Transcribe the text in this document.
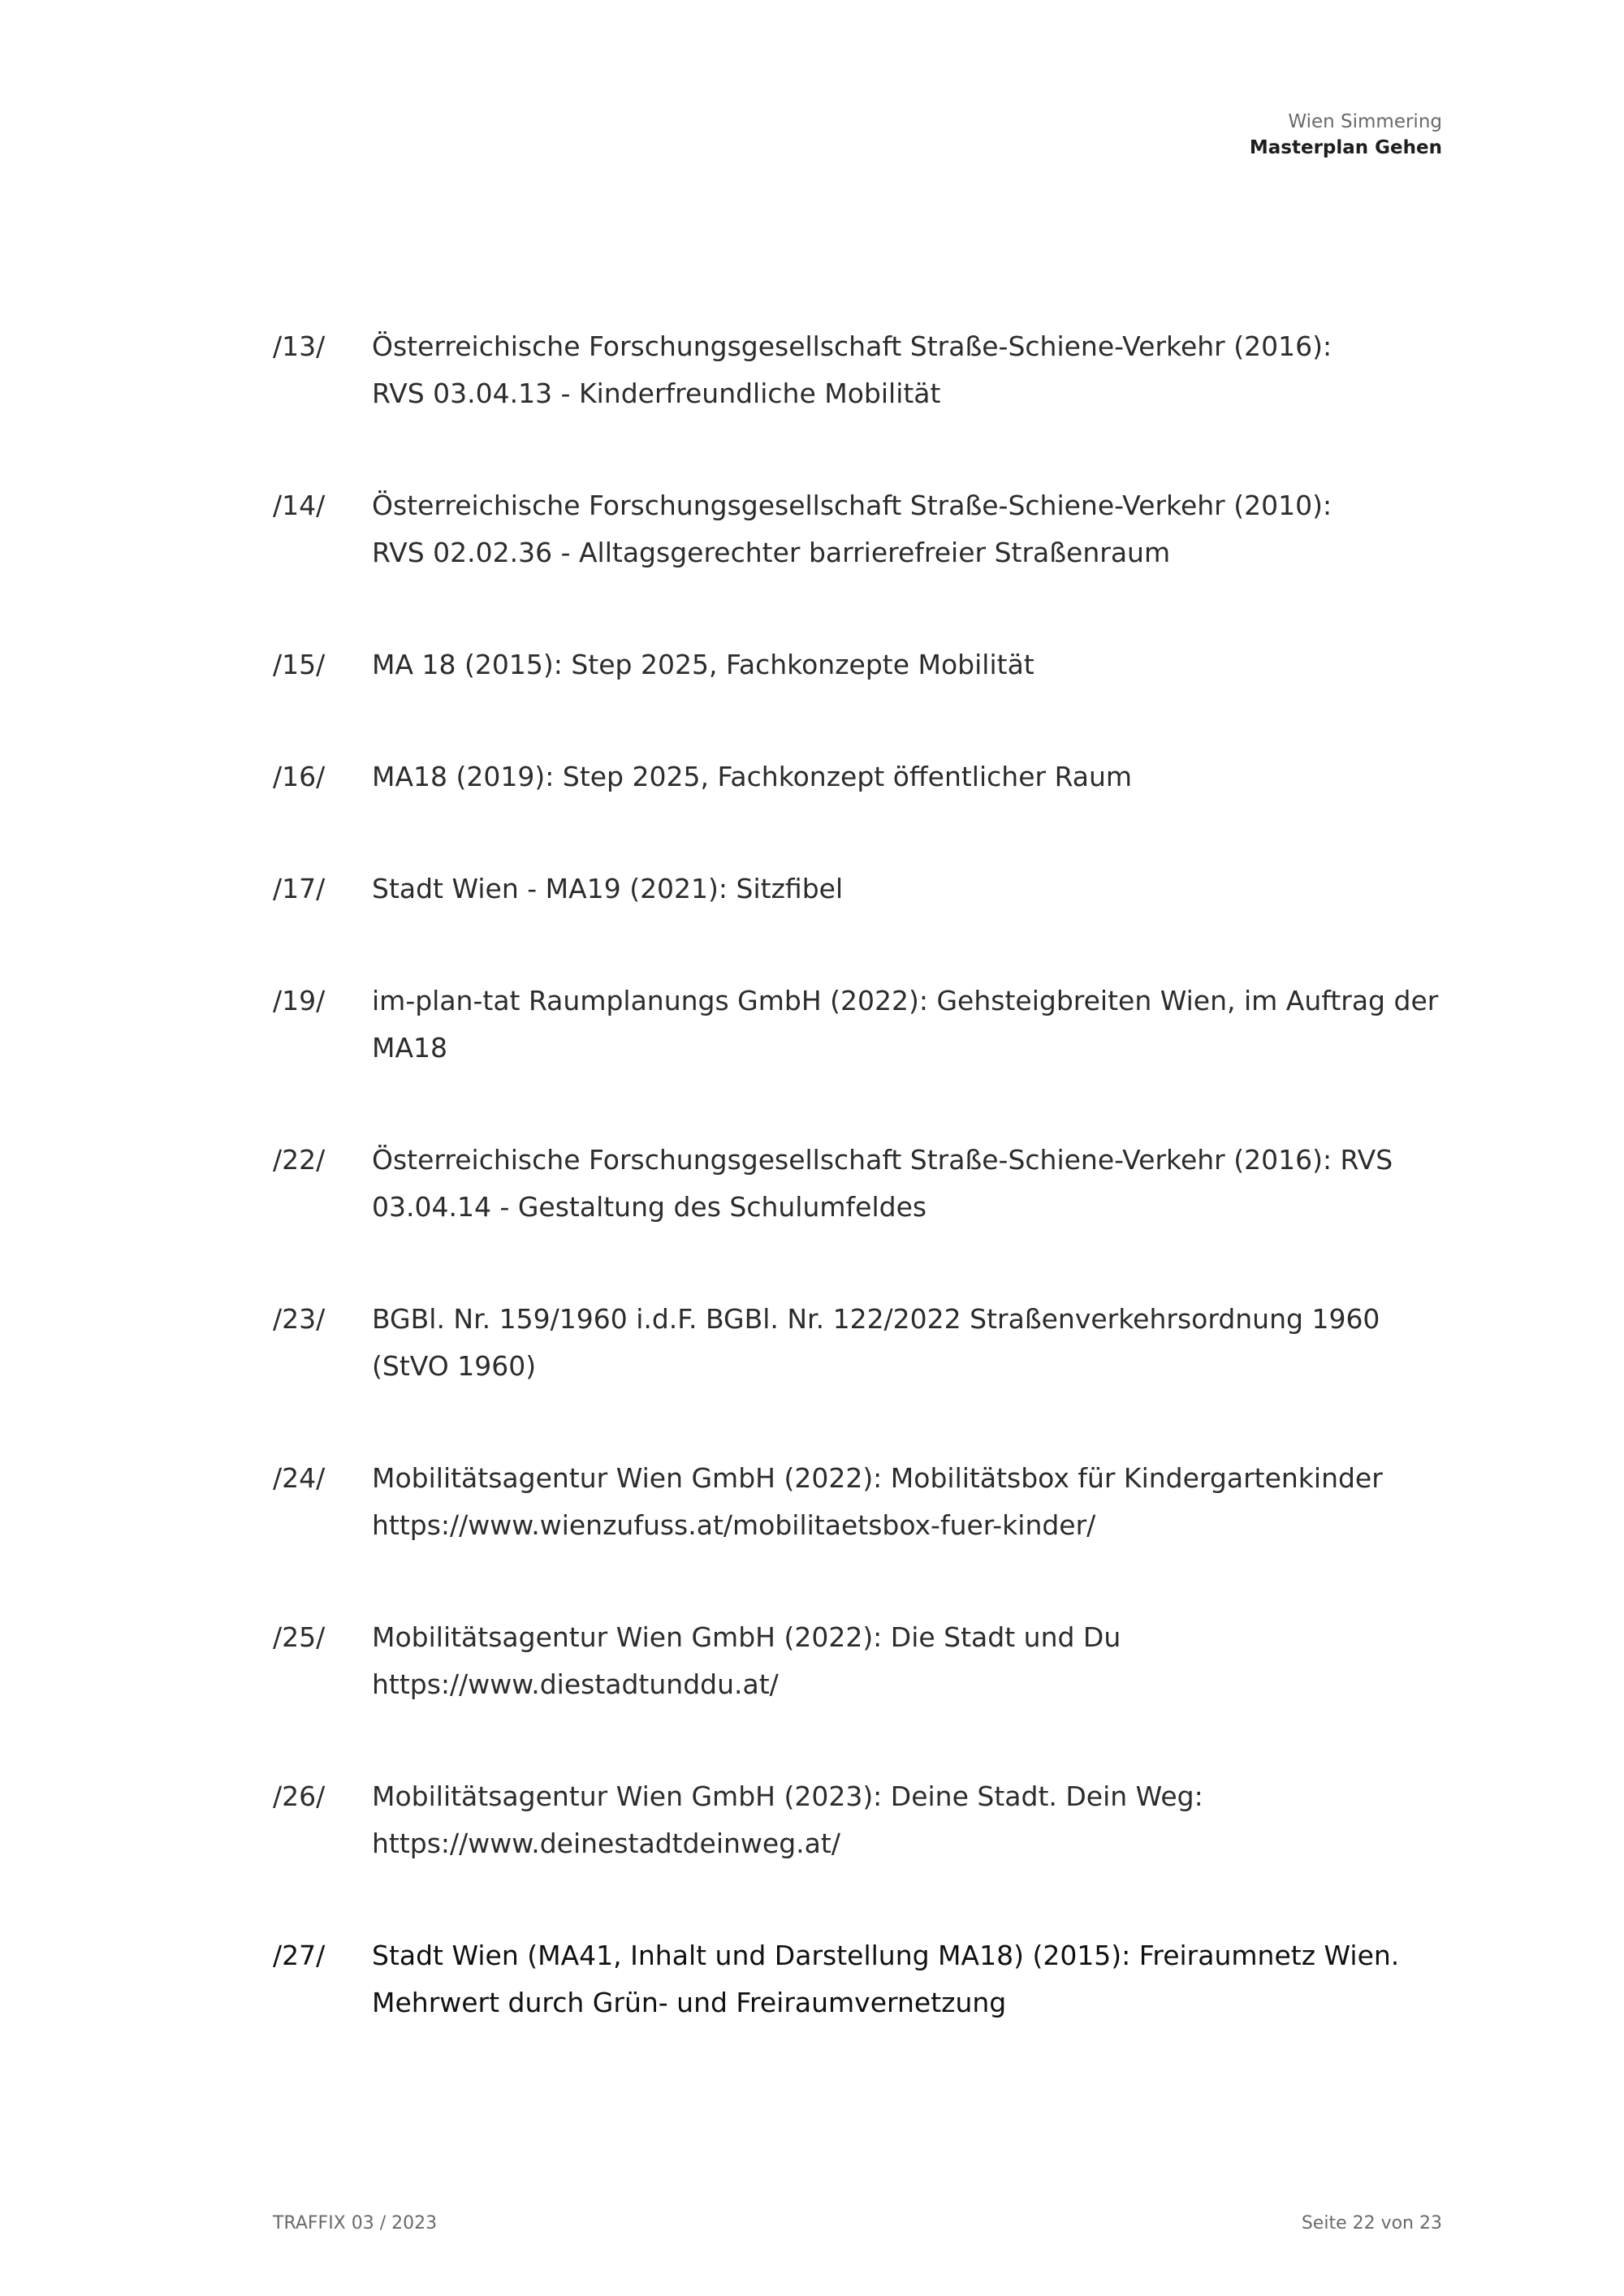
Wien Simmering
Masterplan Gehen
/13/	Österreichische Forschungsgesellschaft Straße-Schiene-Verkehr (2016):
RVS 03.04.13 - Kinderfreundliche Mobilität
/14/	Österreichische Forschungsgesellschaft Straße-Schiene-Verkehr (2010):
RVS 02.02.36 - Alltagsgerechter barrierefreier Straßenraum
/15/	MA 18 (2015): Step 2025, Fachkonzepte Mobilität
/16/	MA18 (2019): Step 2025, Fachkonzept öffentlicher Raum
/17/	Stadt Wien - MA19 (2021): Sitzfibel
/19/	im-plan-tat Raumplanungs GmbH (2022): Gehsteigbreiten Wien, im Auftrag der
MA18
/22/	Österreichische Forschungsgesellschaft Straße-Schiene-Verkehr (2016): RVS
03.04.14 - Gestaltung des Schulumfeldes
/23/	BGBl. Nr. 159/1960 i.d.F. BGBl. Nr. 122/2022 Straßenverkehrsordnung 1960
(StVO 1960)
/24/	Mobilitätsagentur Wien GmbH (2022): Mobilitätsbox für Kindergartenkinder
https://www.wienzufuss.at/mobilitaetsbox-fuer-kinder/
/25/	Mobilitätsagentur Wien GmbH (2022): Die Stadt und Du
https://www.diestadtunddu.at/
/26/	Mobilitätsagentur Wien GmbH (2023): Deine Stadt. Dein Weg:
https://www.deinestadtdeinweg.at/
/27/	Stadt Wien (MA41, Inhalt und Darstellung MA18) (2015): Freiraumnetz Wien.
Mehrwert durch Grün- und Freiraumvernetzung
TRAFFIX 03 / 2023	Seite 22 von 23
